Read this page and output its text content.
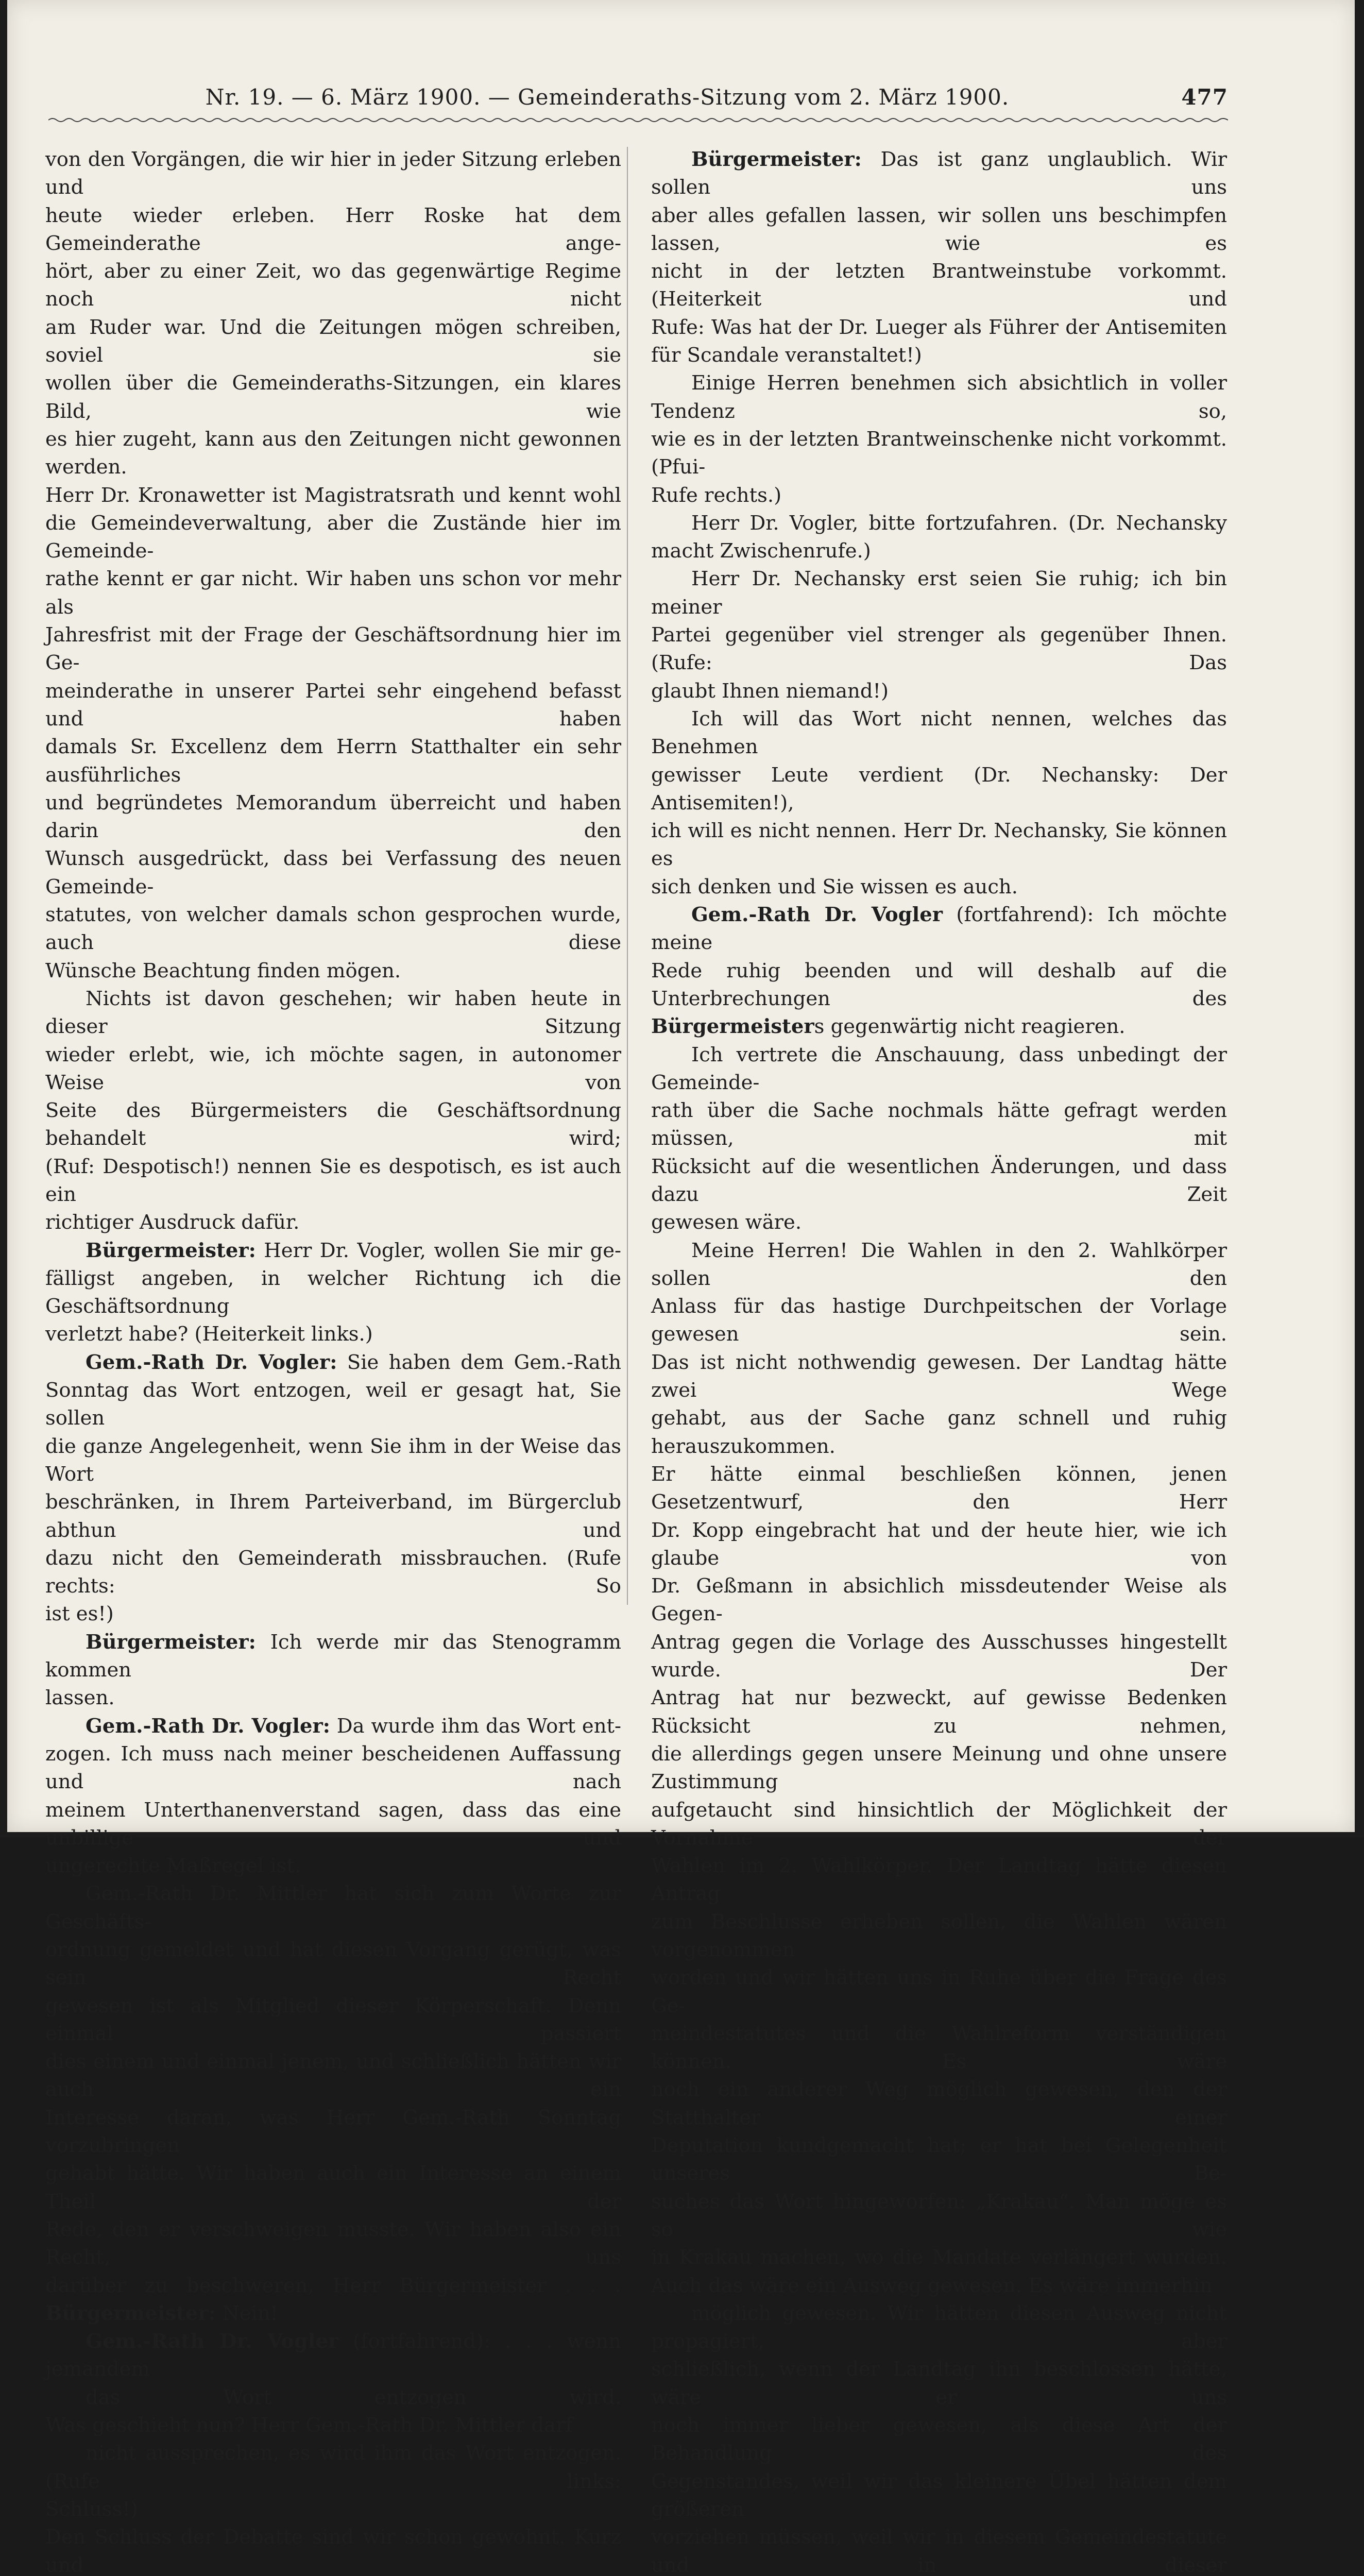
Nr. 19. — 6. März 1900. — Gemeinderaths-Sitzung vom 2. März 1900.	477

von den Vorgängen, die wir hier in jeder Sitzung erleben und

heute wieder erleben. Herr Roske hat dem Gemeinderathe ange-

hört, aber zu einer Zeit, wo das gegenwärtige Regime noch nicht

am Ruder war. Und die Zeitungen mögen schreiben, soviel sie

wollen über die Gemeinderaths-Sitzungen, ein klares Bild, wie

es hier zugeht, kann aus den Zeitungen nicht gewonnen werden.

Herr Dr. Kronawetter ist Magistratsrath und kennt wohl

die Gemeindeverwaltung, aber die Zustände hier im Gemeinde-

rathe kennt er gar nicht. Wir haben uns schon vor mehr als

Jahresfrist mit der Frage der Geschäftsordnung hier im Ge-

meinderathe in unserer Partei sehr eingehend befasst und haben

damals Sr. Excellenz dem Herrn Statthalter ein sehr ausführliches

und begründetes Memorandum überreicht und haben darin den

Wunsch ausgedrückt, dass bei Verfassung des neuen Gemeinde-

statutes, von welcher damals schon gesprochen wurde, auch diese

Wünsche Beachtung finden mögen.

Nichts ist davon geschehen; wir haben heute in dieser Sitzung

wieder erlebt, wie, ich möchte sagen, in autonomer Weise von

Seite des Bürgermeisters die Geschäftsordnung behandelt wird;

(Ruf: Despotisch!) nennen Sie es despotisch, es ist auch ein

richtiger Ausdruck dafür.

Bürgermeister: Herr Dr. Vogler, wollen Sie mir ge-

fälligst angeben, in welcher Richtung ich die Geschäftsordnung

verletzt habe? (Heiterkeit links.)

Gem.-Rath Dr. Vogler: Sie haben dem Gem.-Rath

Sonntag das Wort entzogen, weil er gesagt hat, Sie sollen

die ganze Angelegenheit, wenn Sie ihm in der Weise das Wort

beschränken, in Ihrem Parteiverband, im Bürgerclub abthun und

dazu nicht den Gemeinderath missbrauchen. (Rufe rechts: So

ist es!)

Bürgermeister: Ich werde mir das Stenogramm kommen

lassen.

Gem.-Rath Dr. Vogler: Da wurde ihm das Wort ent-

zogen. Ich muss nach meiner bescheidenen Auffassung und nach

meinem Unterthanenverstand sagen, dass das eine unbillige und

ungerechte Maßregel ist.

Gem.-Rath Dr. Mittler hat sich zum Worte zur Geschäfts-

ordnung gemeldet und hat diesen Vorgang gerügt, was sein Recht

gewesen ist als Mitglied dieser Körperschaft. Denn einmal passiert

dies einem und einmal jenem, und schließlich hätten wir auch ein

Interesse daran, was Herr Gem.-Rath Sonntag vorzubringen

gehabt hätte. Wir haben auch ein Interesse an einem Theil der

Rede, den er verschweigen musste. Wir haben also ein Recht, uns

darüber zu beschweren, Herr Bürgermeister . . .

Bürgermeister: Nein!

Gem.-Rath Dr. Vogler (fortfahrend): . . . wenn jemandem

das Wort entzogen wird.

Was geschieht nun? Herr Gem.-Rath Dr. Mittler darf

nicht aussprechen, es wird ihm das Wort entzogen. (Rufe links:

Schluss!)

Den Schluss der Debatte sind wir schon gewohnt. Kurz und

Bürgermeister: Das ist ganz unglaublich. Wir sollen uns

aber alles gefallen lassen, wir sollen uns beschimpfen lassen, wie es

nicht in der letzten Brantweinstube vorkommt. (Heiterkeit und

Rufe: Was hat der Dr. Lueger als Führer der Antisemiten

für Scandale veranstaltet!)

Einige Herren benehmen sich absichtlich in voller Tendenz so,

wie es in der letzten Brantweinschenke nicht vorkommt. (Pfui-

Rufe rechts.)

Herr Dr. Vogler, bitte fortzufahren. (Dr. Nechansky

macht Zwischenrufe.)

Herr Dr. Nechansky erst seien Sie ruhig; ich bin meiner

Partei gegenüber viel strenger als gegenüber Ihnen. (Rufe: Das

glaubt Ihnen niemand!)

Ich will das Wort nicht nennen, welches das Benehmen

gewisser Leute verdient (Dr. Nechansky: Der Antisemiten!),

ich will es nicht nennen. Herr Dr. Nechansky, Sie können es

sich denken und Sie wissen es auch.

Gem.-Rath Dr. Vogler (fortfahrend): Ich möchte meine

Rede ruhig beenden und will deshalb auf die Unterbrechungen des

Bürgermeisters gegenwärtig nicht reagieren.

Ich vertrete die Anschauung, dass unbedingt der Gemeinde-

rath über die Sache nochmals hätte gefragt werden müssen, mit

Rücksicht auf die wesentlichen Änderungen, und dass dazu Zeit

gewesen wäre.

Meine Herren! Die Wahlen in den 2. Wahlkörper sollen den

Anlass für das hastige Durchpeitschen der Vorlage gewesen sein.

Das ist nicht nothwendig gewesen. Der Landtag hätte zwei Wege

gehabt, aus der Sache ganz schnell und ruhig herauszukommen.

Er hätte einmal beschließen können, jenen Gesetzentwurf, den Herr

Dr. Kopp eingebracht hat und der heute hier, wie ich glaube von

Dr. Geßmann in absichlich missdeutender Weise als Gegen-

Antrag gegen die Vorlage des Ausschusses hingestellt wurde. Der

Antrag hat nur bezweckt, auf gewisse Bedenken Rücksicht zu nehmen,

die allerdings gegen unsere Meinung und ohne unsere Zustimmung

aufgetaucht sind hinsichtlich der Möglichkeit der Vornahme der

Wahlen im 2. Wahlkörper. Der Landtag hätte diesen Antrag

zum Beschlusse erheben sollen, die Wahlen wären vorgenommen

worden und wir hätten uns in Ruhe über die Frage des Ge-

meindestatutes und die Wahlreform verständigen können. Es wäre

noch ein anderer Weg möglich gewesen, den der Statthalter einer

Deputation kundgemacht hat; er hat bei Gelegenheit unseres Be-

suches das Wort hingeworfen: „Krakau“. Man möge es so wie

in Krakau machen, wo die Mandate verlängert wurden.

Auch das wäre ein Ausweg gewesen. Es wäre immerhin

möglich gewesen. Wir hätten diesen Ausweg nicht propagiert, aber

schließlich, wenn der Landtag ihn beschlossen hätte, wäre er uns

noch immer lieber gewesen, als diese Art der Behandlung des

Gegenstandes, weil wir das kleinere Übel hätten dem größeren

vorziehen müssen, weil wir in diesem Gemeindestatute und in dieser
